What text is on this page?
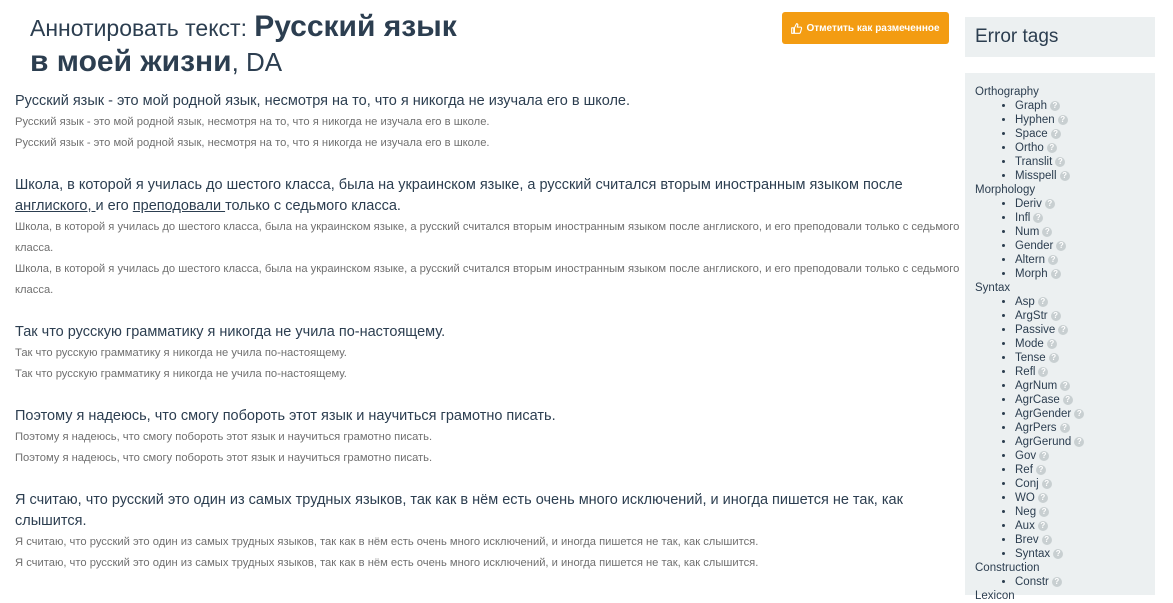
Аннотировать текст: Русский язык
в моей жизни, DA
Отметить как размеченное
Русский язык - это мой родной язык, несмотря на то, что я никогда не изучала его в школе.
Русский язык - это мой родной язык, несмотря на то, что я никогда не изучала его в школе.
Русский язык - это мой родной язык, несмотря на то, что я никогда не изучала его в школе.
Школа, в которой я училась до шестого класса, была на украинском языке, а русский считался вторым иностранным языком после англиского, и его преподовали только с седьмого класса.
Школа, в которой я училась до шестого класса, была на украинском языке, а русский считался вторым иностранным языком после англиского, и его преподовали только с седьмого класса.
Школа, в которой я училась до шестого класса, была на украинском языке, а русский считался вторым иностранным языком после англиского, и его преподовали только с седьмого класса.
Так что русскую грамматику я никогда не учила по-настоящему.
Так что русскую грамматику я никогда не учила по-настоящему.
Так что русскую грамматику я никогда не учила по-настоящему.
Поэтому я надеюсь, что смогу побороть этот язык и научиться грамотно писать.
Поэтому я надеюсь, что смогу побороть этот язык и научиться грамотно писать.
Поэтому я надеюсь, что смогу побороть этот язык и научиться грамотно писать.
Я считаю, что русский это один из самых трудных языков, так как в нём есть очень много исключений, и иногда пишется не так, как слышится.
Я считаю, что русский это один из самых трудных языков, так как в нём есть очень много исключений, и иногда пишется не так, как слышится.
Я считаю, что русский это один из самых трудных языков, так как в нём есть очень много исключений, и иногда пишется не так, как слышится.
Error tags
Orthography
• Graph ?
• Hyphen ?
• Space ?
• Ortho ?
• Translit ?
• Misspell ?
Morphology
• Deriv ?
• Infl ?
• Num ?
• Gender ?
• Altern ?
• Morph ?
Syntax
• Asp ?
• ArgStr ?
• Passive ?
• Mode ?
• Tense ?
• Refl ?
• AgrNum ?
• AgrCase ?
• AgrGender ?
• AgrPers ?
• AgrGerund ?
• Gov ?
• Ref ?
• Conj ?
• WO ?
• Neg ?
• Aux ?
• Brev ?
• Syntax ?
Construction
• Constr ?
Lexicon
